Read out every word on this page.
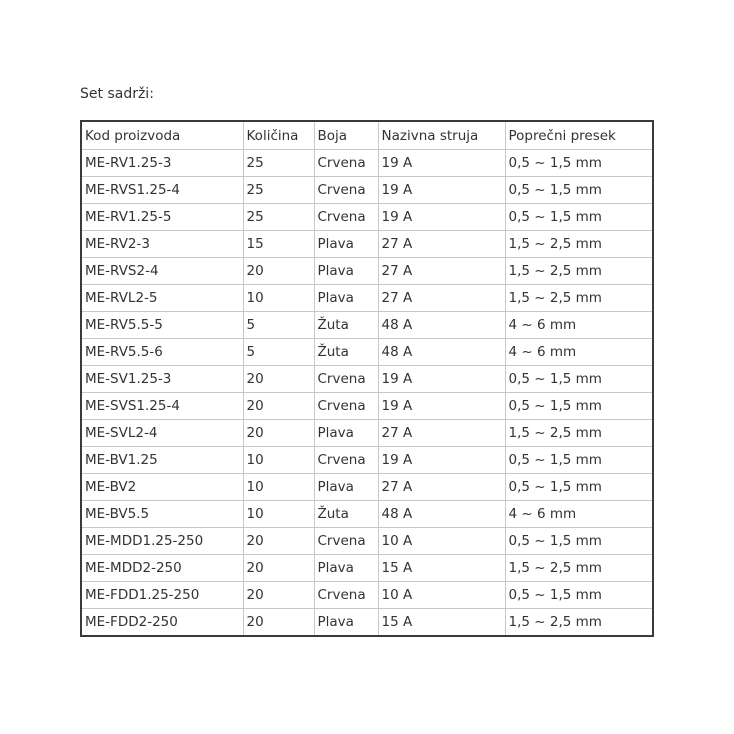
Set sadrži:
Kod proizvoda	Količina	Boja	Nazivna struja	Poprečni presek
ME-RV1.25-3	25	Crvena	19 A	0,5 ~ 1,5 mm
ME-RVS1.25-4	25	Crvena	19 A	0,5 ~ 1,5 mm
ME-RV1.25-5	25	Crvena	19 A	0,5 ~ 1,5 mm
ME-RV2-3	15	Plava	27 A	1,5 ~ 2,5 mm
ME-RVS2-4	20	Plava	27 A	1,5 ~ 2,5 mm
ME-RVL2-5	10	Plava	27 A	1,5 ~ 2,5 mm
ME-RV5.5-5	5	Žuta	48 A	4 ~ 6 mm
ME-RV5.5-6	5	Žuta	48 A	4 ~ 6 mm
ME-SV1.25-3	20	Crvena	19 A	0,5 ~ 1,5 mm
ME-SVS1.25-4	20	Crvena	19 A	0,5 ~ 1,5 mm
ME-SVL2-4	20	Plava	27 A	1,5 ~ 2,5 mm
ME-BV1.25	10	Crvena	19 A	0,5 ~ 1,5 mm
ME-BV2	10	Plava	27 A	0,5 ~ 1,5 mm
ME-BV5.5	10	Žuta	48 A	4 ~ 6 mm
ME-MDD1.25-250	20	Crvena	10 A	0,5 ~ 1,5 mm
ME-MDD2-250	20	Plava	15 A	1,5 ~ 2,5 mm
ME-FDD1.25-250	20	Crvena	10 A	0,5 ~ 1,5 mm
ME-FDD2-250	20	Plava	15 A	1,5 ~ 2,5 mm
